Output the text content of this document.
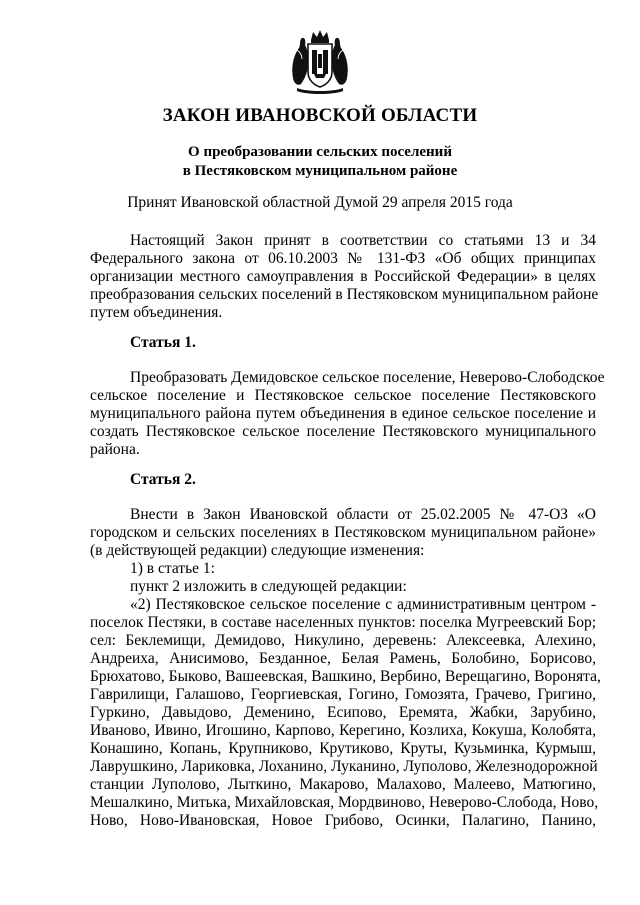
ЗАКОН ИВАНОВСКОЙ ОБЛАСТИ
О преобразовании сельских поселений
в Пестяковском муниципальном районе
Принят Ивановской областной Думой 29 апреля 2015 года
Настоящий Закон принят в соответствии со статьями 13 и 34
Федерального закона от 06.10.2003 № 131-ФЗ «Об общих принципах
организации местного самоуправления в Российской Федерации» в целях
преобразования сельских поселений в Пестяковском муниципальном районе
путем объединения.
Статья 1.
Преобразовать Демидовское сельское поселение, Неверово-Слободское
сельское поселение и Пестяковское сельское поселение Пестяковского
муниципального района путем объединения в единое сельское поселение и
создать Пестяковское сельское поселение Пестяковского муниципального
района.
Статья 2.
Внести в Закон Ивановской области от 25.02.2005 № 47-ОЗ «О
городском и сельских поселениях в Пестяковском муниципальном районе»
(в действующей редакции) следующие изменения:
1) в статье 1:
пункт 2 изложить в следующей редакции:
«2) Пестяковское сельское поселение с административным центром -
поселок Пестяки, в составе населенных пунктов: поселка Мугреевский Бор;
сел: Беклемищи, Демидово, Никулино, деревень: Алексеевка, Алехино,
Андреиха, Анисимово, Безданное, Белая Рамень, Болобино, Борисово,
Брюхатово, Быково, Вашеевская, Вашкино, Вербино, Верещагино, Воронята,
Гаврилищи, Галашово, Георгиевская, Гогино, Гомозята, Грачево, Григино,
Гуркино, Давыдово, Деменино, Есипово, Еремята, Жабки, Зарубино,
Иваново, Ивино, Игошино, Карпово, Керегино, Козлиха, Кокуша, Колобята,
Конашино, Копань, Крупниково, Крутиково, Круты, Кузьминка, Курмыш,
Лаврушкино, Лариковка, Лоханино, Луканино, Луполово, Железнодорожной
станции Луполово, Лыткино, Макарово, Малахово, Малеево, Матюгино,
Мешалкино, Митька, Михайловская, Мордвиново, Неверово-Слобода, Ново,
Ново, Ново-Ивановская, Новое Грибово, Осинки, Палагино, Панино,
